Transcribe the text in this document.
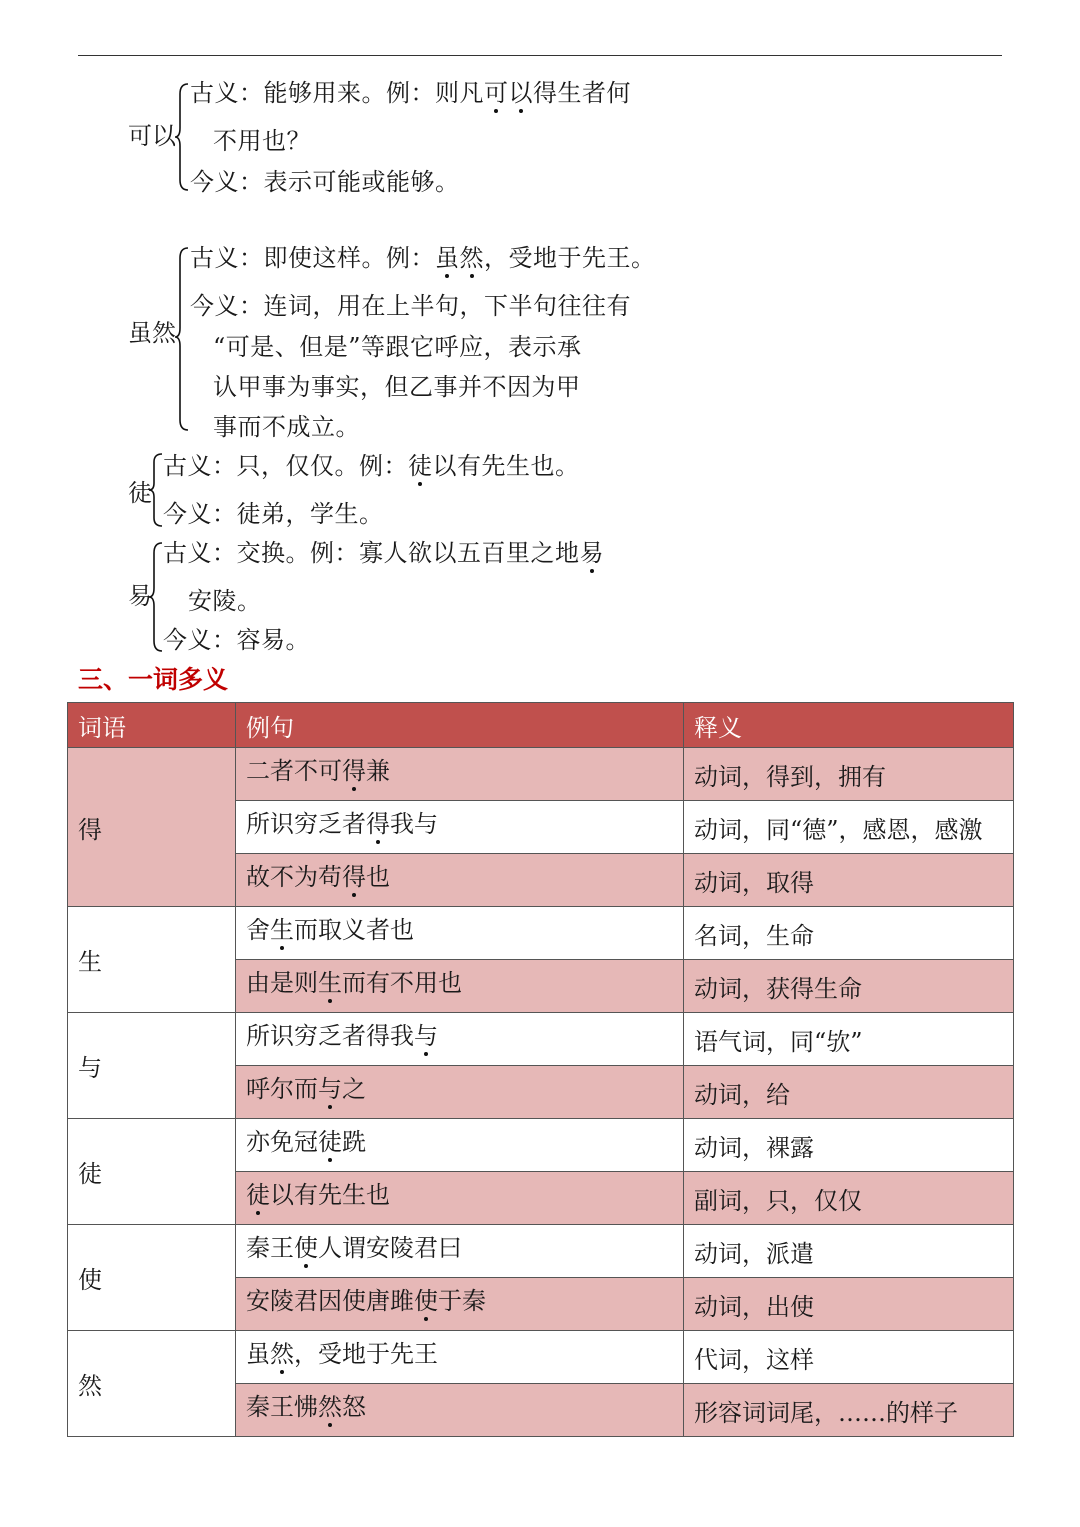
可以
古义：能够用来。例：则凡可以得生者何
不用也？
今义：表示可能或能够。
虽然
古义：即使这样。例：虽然，受地于先王。
今义：连词，用在上半句，下半句往往有
“可是、但是”等跟它呼应，表示承
认甲事为事实，但乙事并不因为甲
事而不成立。
徒
古义：只，仅仅。例：徒以有先生也。
今义：徒弟，学生。
易
古义：交换。例：寡人欲以五百里之地易
安陵。
今义：容易。
三、一词多义
词语	例句	释义
得	二者不可得兼	动词，得到，拥有
	所识穷乏者得我与	动词，同“德”，感恩，感激
	故不为苟得也	动词，取得
生	舍生而取义者也	名词，生命
	由是则生而有不用也	动词，获得生命
与	所识穷乏者得我与	语气词，同“欤”
	呼尔而与之	动词，给
徒	亦免冠徒跣	动词，裸露
	徒以有先生也	副词，只，仅仅
使	秦王使人谓安陵君曰	动词，派遣
	安陵君因使唐雎使于秦	动词，出使
然	虽然，受地于先王	代词，这样
	秦王怫然怒	形容词词尾，……的样子
